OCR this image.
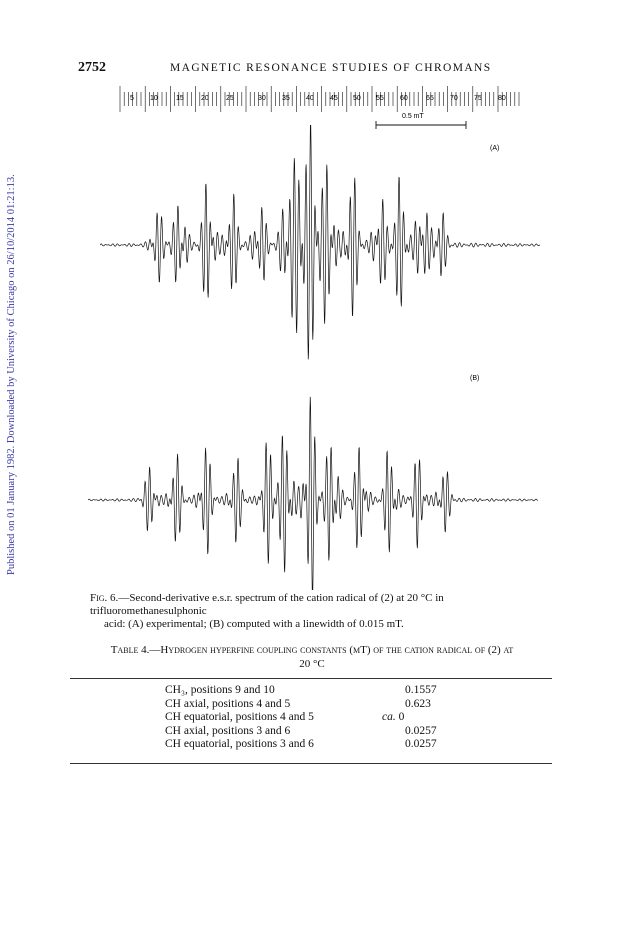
Published on 01 January 1982. Downloaded by University of Chicago on 26/10/2014 01:21:13.
2752	MAGNETIC RESONANCE STUDIES OF CHROMANS
5 10	15 20 25	30 35 40 45 50 55 60	65 70 75 80
0.5 mT
(A)
(B)
Fig. 6.—Second-derivative e.s.r. spectrum of the cation radical of (2) at 20 °C in trifluoromethanesulphonic
acid: (A) experimental; (B) computed with a linewidth of 0.015 mT.
Table 4.—Hydrogen hyperfine coupling constants (mT) of the cation radical of (2) at
20 °C
CH₃, positions 9 and 10	0.1557
CH axial, positions 4 and 5	0.623
CH equatorial, positions 4 and 5	ca. 0
CH axial, positions 3 and 6	0.0257
CH equatorial, positions 3 and 6	0.0257
